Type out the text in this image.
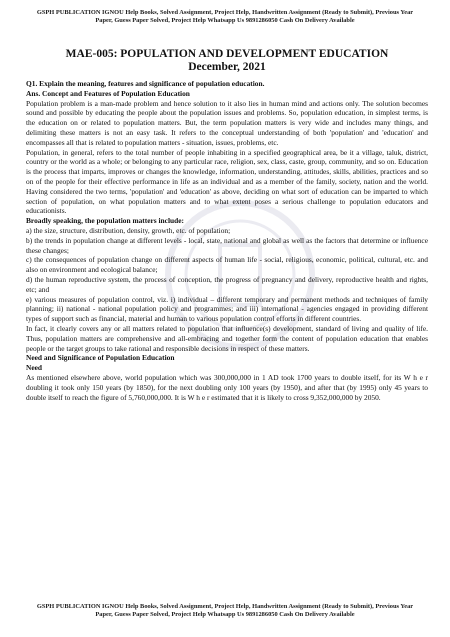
GSPH PUBLICATION IGNOU Help Books, Solved Assignment, Project Help, Handwritten Assignment (Ready to Submit), Previous Year Paper, Guess Paper Solved, Project Help Whatsapp Us 9891286050 Cash On Delivery Available

MAE-005: POPULATION AND DEVELOPMENT EDUCATION

December, 2021

Q1. Explain the meaning, features and significance of population education.

Ans. Concept and Features of Population Education

Population problem is a man-made problem and hence solution to it also lies in human mind and actions only. The solution becomes sound and possible by educating the people about the population issues and problems. So, population education, in simplest terms, is the education on or related to population matters. But, the term population matters is very wide and includes many things, and delimiting these matters is not an easy task. It refers to the conceptual understanding of both 'population' and 'education' and encompasses all that is related to population matters - situation, issues, problems, etc.

Population, in general, refers to the total number of people inhabiting in a specified geographical area, be it a village, taluk, district, country or the world as a whole; or belonging to any particular race, religion, sex, class, caste, group, community, and so on. Education is the process that imparts, improves or changes the knowledge, information, understanding, attitudes, skills, abilities, practices and so on of the people for their effective performance in life as an individual and as a member of the family, society, nation and the world. Having considered the two terms, 'population' and 'education' as above, deciding on what sort of education can be imparted to which section of population, on what population matters and to what extent poses a serious challenge to population educators and educationists.

Broadly speaking, the population matters include:

a) the size, structure, distribution, density, growth, etc. of population;

b) the trends in population change at different levels - local, state, national and global as well as the factors that determine or influence these changes;

c) the consequences of population change on different aspects of human life - social, religious, economic, political, cultural, etc. and also on environment and ecological balance;

d) the human reproductive system, the process of conception, the progress of pregnancy and delivery, reproductive health and rights, etc; and

e) various measures of population control, viz. i) individual – different temporary and permanent methods and techniques of family planning; ii) national - national population policy and programmes; and iii) international - agencies engaged in providing different types of support such as financial, material and human to various population control efforts in different countries.

In fact, it clearly covers any or all matters related to population that influence(s) development, standard of living and quality of life. Thus, population matters are comprehensive and all-embracing and together form the content of population education that enables people or the target groups to take rational and responsible decisions in respect of these matters.

Need and Significance of Population Education

Need

As mentioned elsewhere above, world population which was 300,000,000 in 1 AD took 1700 years to double itself, for its W h e r doubling it took only 150 years (by 1850), for the next doubling only 100 years (by 1950), and after that (by 1995) only 45 years to double itself to reach the figure of 5,760,000,000. It is W h e r estimated that it is likely to cross 9,352,000,000 by 2050.

GSPH PUBLICATION IGNOU Help Books, Solved Assignment, Project Help, Handwritten Assignment (Ready to Submit), Previous Year Paper, Guess Paper Solved, Project Help Whatsapp Us 9891286050 Cash On Delivery Available
